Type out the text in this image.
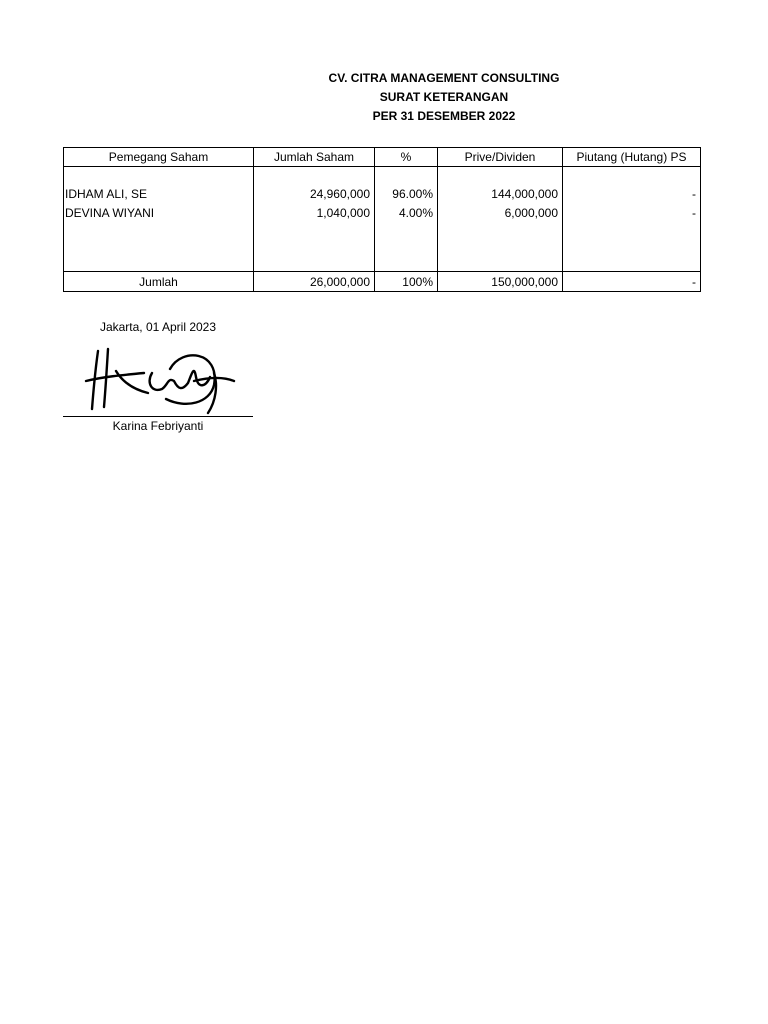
CV. CITRA MANAGEMENT CONSULTING
SURAT KETERANGAN
PER 31 DESEMBER 2022
Pemegang Saham	Jumlah Saham	%	Prive/Dividen	Piutang (Hutang) PS

IDHAM ALI, SE	24,960,000	96.00%	144,000,000	-
DEVINA WIYANI	1,040,000	4.00%	6,000,000	-

Jumlah	26,000,000	100%	150,000,000	-
Jakarta, 01 April 2023
Karina Febriyanti
